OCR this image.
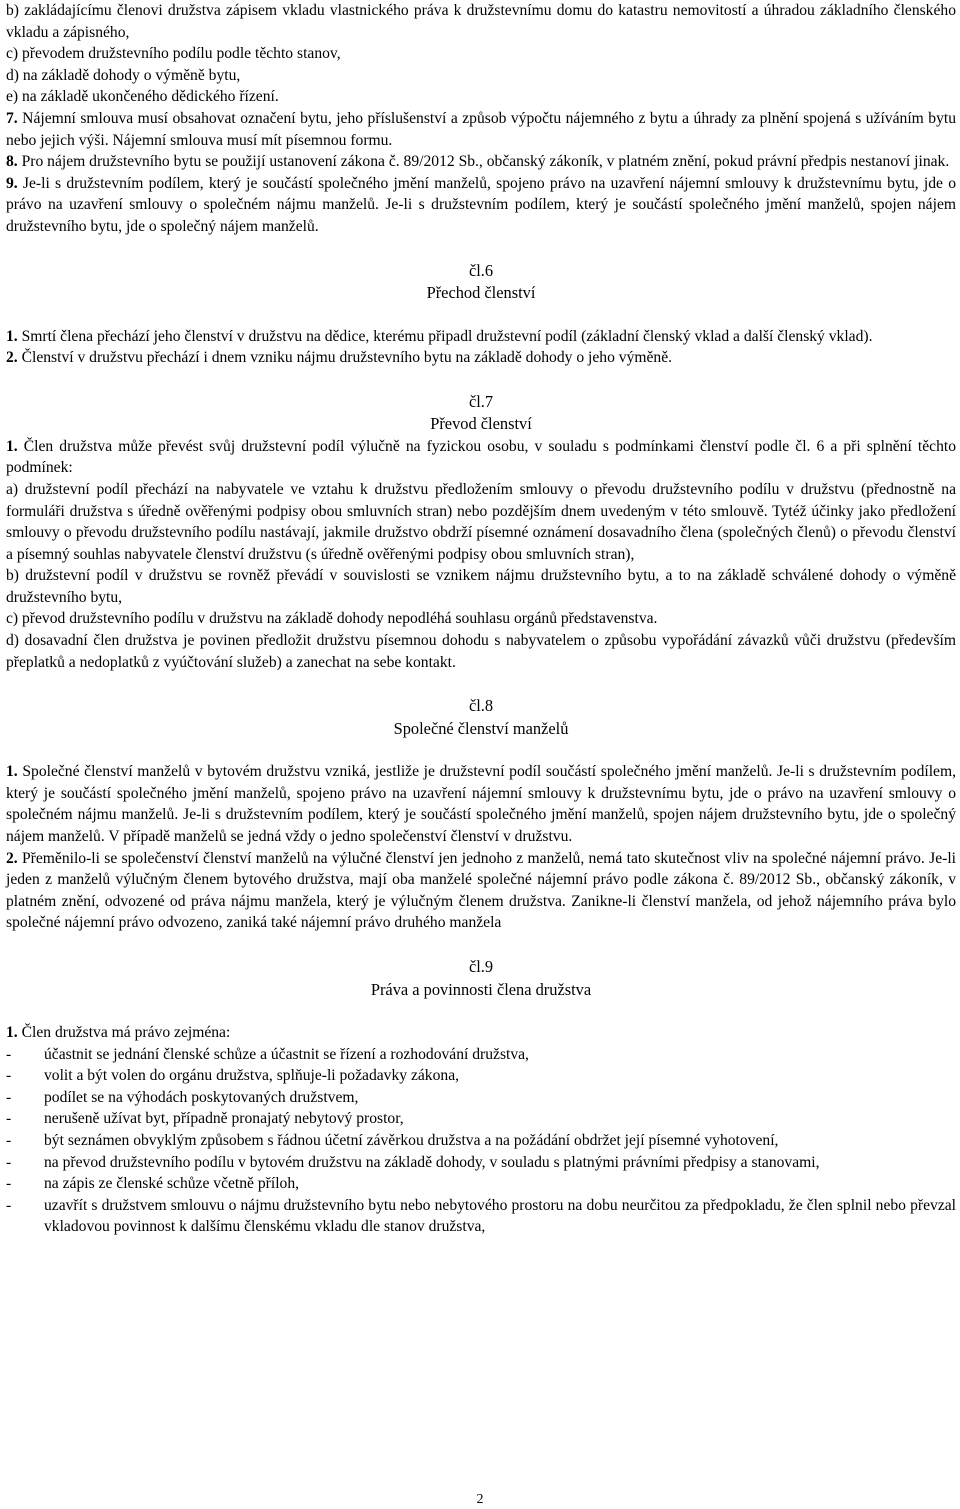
b) zakládajícímu členovi družstva zápisem vkladu vlastnického práva k družstevnímu domu do katastru nemovitostí a úhradou základního členského vkladu a zápisného,

c) převodem družstevního podílu podle těchto stanov,

d) na základě dohody o výměně bytu,

e) na základě ukončeného dědického řízení.

7. Nájemní smlouva musí obsahovat označení bytu, jeho příslušenství a způsob výpočtu nájemného z bytu a úhrady za plnění spojená s užíváním bytu nebo jejich výši. Nájemní smlouva musí mít písemnou formu.

8. Pro nájem družstevního bytu se použijí ustanovení zákona č. 89/2012 Sb., občanský zákoník, v platném znění, pokud právní předpis nestanoví jinak.

9. Je-li s družstevním podílem, který je součástí společného jmění manželů, spojeno právo na uzavření nájemní smlouvy k družstevnímu bytu, jde o právo na uzavření smlouvy o společném nájmu manželů. Je-li s družstevním podílem, který je součástí společného jmění manželů, spojen nájem družstevního bytu, jde o společný nájem manželů.

čl.6

Přechod členství

1. Smrtí člena přechází jeho členství v družstvu na dědice, kterému připadl družstevní podíl (základní členský vklad a další členský vklad).

2. Členství v družstvu přechází i dnem vzniku nájmu družstevního bytu na základě dohody o jeho výměně.

čl.7

Převod členství

1. Člen družstva může převést svůj družstevní podíl výlučně na fyzickou osobu, v souladu s podmínkami členství podle čl. 6 a při splnění těchto podmínek:

a) družstevní podíl přechází na nabyvatele ve vztahu k družstvu předložením smlouvy o převodu družstevního podílu v družstvu (přednostně na formuláři družstva s úředně ověřenými podpisy obou smluvních stran) nebo pozdějším dnem uvedeným v této smlouvě. Tytéž účinky jako předložení smlouvy o převodu družstevního podílu nastávají, jakmile družstvo obdrží písemné oznámení dosavadního člena (společných členů) o převodu členství a písemný souhlas nabyvatele členství družstvu (s úředně ověřenými podpisy obou smluvních stran),

b) družstevní podíl v družstvu se rovněž převádí v souvislosti se vznikem nájmu družstevního bytu, a to na základě schválené dohody o výměně družstevního bytu,

c) převod družstevního podílu v družstvu na základě dohody nepodléhá souhlasu orgánů představenstva.

d) dosavadní člen družstva je povinen předložit družstvu písemnou dohodu s nabyvatelem o způsobu vypořádání závazků vůči družstvu (především přeplatků a nedoplatků z vyúčtování služeb) a zanechat na sebe kontakt.

čl.8

Společné členství manželů

1. Společné členství manželů v bytovém družstvu vzniká, jestliže je družstevní podíl součástí společného jmění manželů. Je-li s družstevním podílem, který je součástí společného jmění manželů, spojeno právo na uzavření nájemní smlouvy k družstevnímu bytu, jde o právo na uzavření smlouvy o společném nájmu manželů. Je-li s družstevním podílem, který je součástí společného jmění manželů, spojen nájem družstevního bytu, jde o společný nájem manželů. V případě manželů se jedná vždy o jedno společenství členství v družstvu.

2. Přeměnilo-li se společenství členství manželů na výlučné členství jen jednoho z manželů, nemá tato skutečnost vliv na společné nájemní právo. Je-li jeden z manželů výlučným členem bytového družstva, mají oba manželé společné nájemní právo podle zákona č. 89/2012 Sb., občanský zákoník, v platném znění, odvozené od práva nájmu manžela, který je výlučným členem družstva. Zanikne-li členství manžela, od jehož nájemního práva bylo společné nájemní právo odvozeno, zaniká také nájemní právo druhého manžela

čl.9

Práva a povinnosti člena družstva

1. Člen družstva má právo zejména:

-	účastnit se jednání členské schůze a účastnit se řízení a rozhodování družstva,
-	volit a být volen do orgánu družstva, splňuje-li požadavky zákona,
-	podílet se na výhodách poskytovaných družstvem,
-	nerušeně užívat byt, případně pronajatý nebytový prostor,
-	být seznámen obvyklým způsobem s řádnou účetní závěrkou družstva a na požádání obdržet její písemné vyhotovení,
-	na převod družstevního podílu v bytovém družstvu na základě dohody, v souladu s platnými právními předpisy a stanovami,
-	na zápis ze členské schůze včetně příloh,
-	uzavřít s družstvem smlouvu o nájmu družstevního bytu nebo nebytového prostoru na dobu neurčitou za předpokladu, že člen splnil nebo převzal vkladovou povinnost k dalšímu členskému vkladu dle stanov družstva,
2
